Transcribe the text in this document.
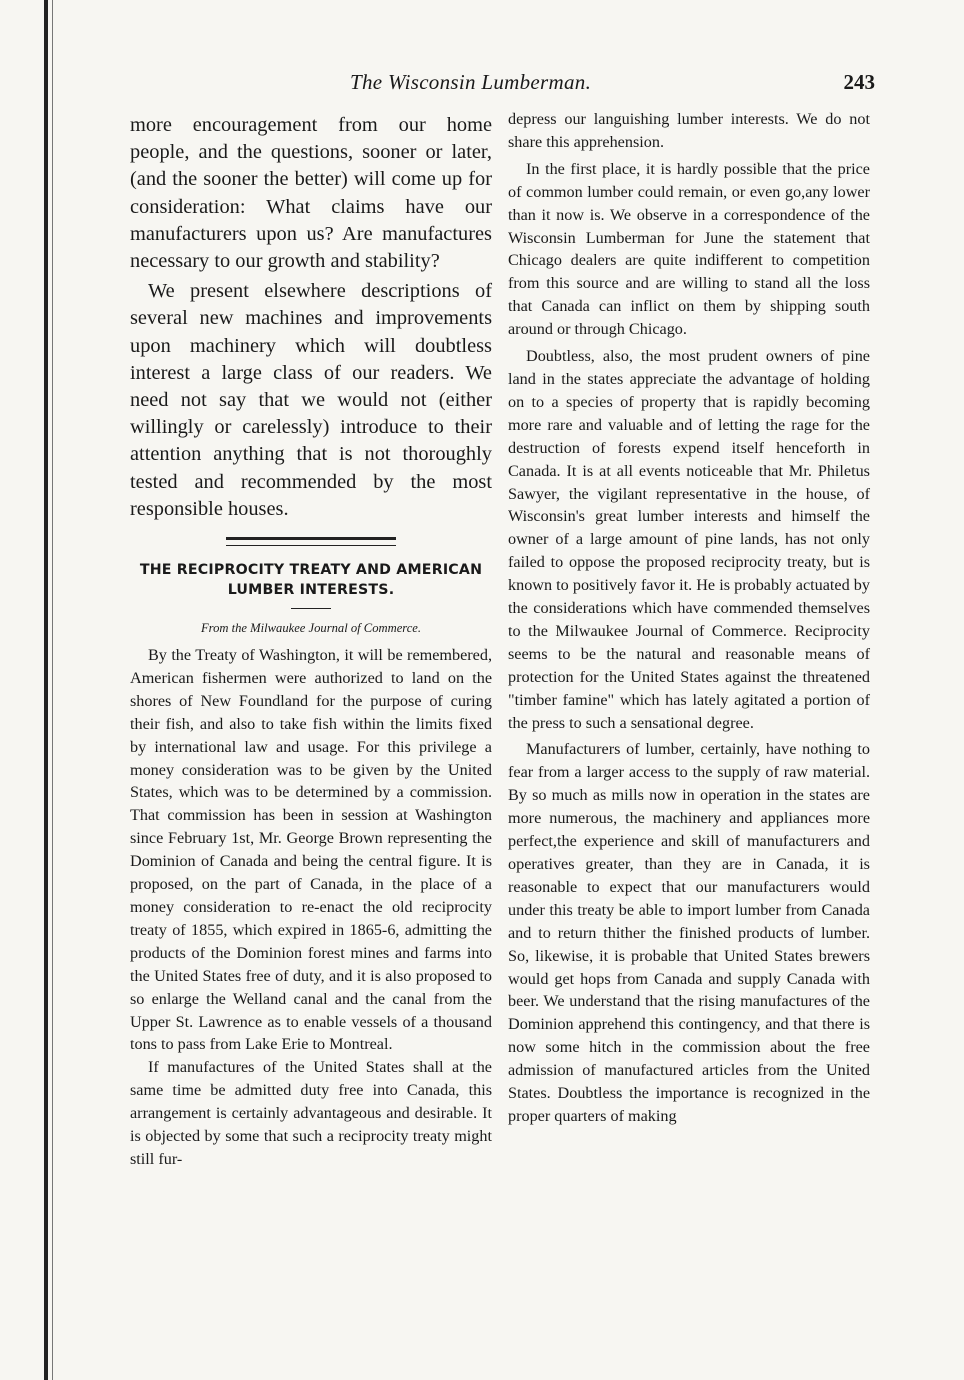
The Wisconsin Lumberman.	243

more encouragement from our home people, and the questions, sooner or later, (and the sooner the better) will come up for consideration: What claims have our manufacturers upon us? Are manufactures necessary to our growth and stability?

We present elsewhere descriptions of several new machines and improvements upon machinery which will doubtless interest a large class of our readers. We need not say that we would not (either willingly or carelessly) introduce to their attention anything that is not thoroughly tested and recommended by the most responsible houses.

THE RECIPROCITY TREATY AND AMERICAN LUMBER INTERESTS.
From the Milwaukee Journal of Commerce.

By the Treaty of Washington, it will be remembered, American fishermen were authorized to land on the shores of New Foundland for the purpose of curing their fish, and also to take fish within the limits fixed by international law and usage. For this privilege a money consideration was to be given by the United States, which was to be determined by a commission. That commission has been in session at Washington since February 1st, Mr. George Brown representing the Dominion of Canada and being the central figure. It is proposed, on the part of Canada, in the place of a money consideration to re-enact the old reciprocity treaty of 1855, which expired in 1865-6, admitting the products of the Dominion forest mines and farms into the United States free of duty, and it is also proposed to so enlarge the Welland canal and the canal from the Upper St. Lawrence as to enable vessels of a thousand tons to pass from Lake Erie to Montreal.

If manufactures of the United States shall at the same time be admitted duty free into Canada, this arrangement is certainly advantageous and desirable. It is objected by some that such a reciprocity treaty might still fur-

depress our languishing lumber interests. We do not share this apprehension.

In the first place, it is hardly possible that the price of common lumber could remain, or even go,any lower than it now is. We observe in a correspondence of the Wisconsin Lumberman for June the statement that Chicago dealers are quite indifferent to competition from this source and are willing to stand all the loss that Canada can inflict on them by shipping south around or through Chicago.

Doubtless, also, the most prudent owners of pine land in the states appreciate the advantage of holding on to a species of property that is rapidly becoming more rare and valuable and of letting the rage for the destruction of forests expend itself henceforth in Canada. It is at all events noticeable that Mr. Philetus Sawyer, the vigilant representative in the house, of Wisconsin's great lumber interests and himself the owner of a large amount of pine lands, has not only failed to oppose the proposed reciprocity treaty, but is known to positively favor it. He is probably actuated by the considerations which have commended themselves to the Milwaukee Journal of Commerce. Reciprocity seems to be the natural and reasonable means of protection for the United States against the threatened "timber famine" which has lately agitated a portion of the press to such a sensational degree.

Manufacturers of lumber, certainly, have nothing to fear from a larger access to the supply of raw material. By so much as mills now in operation in the states are more numerous, the machinery and appliances more perfect,the experience and skill of manufacturers and operatives greater, than they are in Canada, it is reasonable to expect that our manufacturers would under this treaty be able to import lumber from Canada and to return thither the finished products of lumber. So, likewise, it is probable that United States brewers would get hops from Canada and supply Canada with beer. We understand that the rising manufactures of the Dominion apprehend this contingency, and that there is now some hitch in the commission about the free admission of manufactured articles from the United States. Doubtless the importance is recognized in the proper quarters of making
